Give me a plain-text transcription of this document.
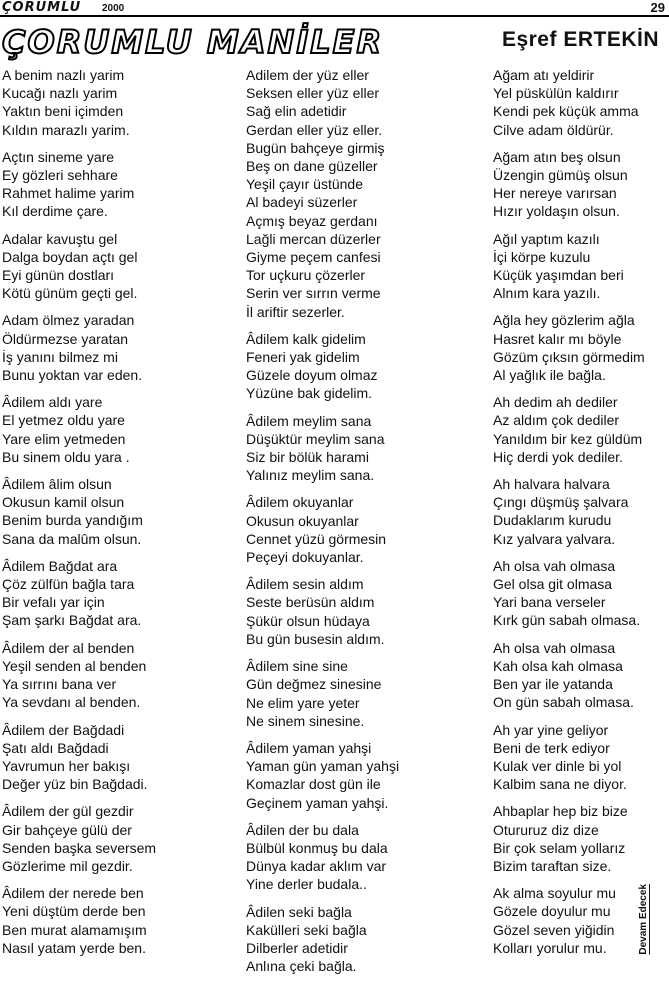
ÇORUMLU 2000	29
ÇORUMLU MANİLER	Eşref ERTEKİN
A benim nazlı yarim
Kucağı nazlı yarim
Yaktın beni içimden
Kıldın marazlı yarim.
Açtın sineme yare
Ey gözleri sehhare
Rahmet halime yarim
Kıl derdime çare.
Adalar kavuştu gel
Dalga boydan açtı gel
Eyi günün dostları
Kötü günüm geçti gel.
Adam ölmez yaradan
Öldürmezse yaratan
İş yanını bilmez mi
Bunu yoktan var eden.
Âdilem aldı yare
El yetmez oldu yare
Yare elim yetmeden
Bu sinem oldu yara .
Âdilem âlim olsun
Okusun kamil olsun
Benim burda yandığım
Sana da malûm olsun.
Âdilem Bağdat ara
Çöz zülfün bağla tara
Bir vefalı yar için
Şam şarkı Bağdat ara.
Âdilem der al benden
Yeşil senden al benden
Ya sırrını bana ver
Ya sevdanı al benden.
Âdilem der Bağdadi
Şatı aldı Bağdadi
Yavrumun her bakışı
Değer yüz bin Bağdadi.
Âdilem der gül gezdir
Gir bahçeye gülü der
Senden başka seversem
Gözlerime mil gezdir.
Âdilem der nerede ben
Yeni düştüm derde ben
Ben murat alamamışım
Nasıl yatam yerde ben.
Adilem der yüz eller
Seksen eller yüz eller
Sağ elin adetidir
Gerdan eller yüz eller.
Bugün bahçeye girmiş
Beş on dane güzeller
Yeşil çayır üstünde
Al badeyi süzerler
Açmış beyaz gerdanı
Lağli mercan düzerler
Giyme peçem canfesi
Tor uçkuru çözerler
Serin ver sırrın verme
İl ariftir sezerler.
Âdilem kalk gidelim
Feneri yak gidelim
Güzele doyum olmaz
Yüzüne bak gidelim.
Âdilem meylim sana
Düşüktür meylim sana
Siz bir bölük harami
Yalınız meylim sana.
Âdilem okuyanlar
Okusun okuyanlar
Cennet yüzü görmesin
Peçeyi dokuyanlar.
Âdilem sesin aldım
Seste berüsün aldım
Şükür olsun hüdaya
Bu gün busesin aldım.
Âdilem sine sine
Gün değmez sinesine
Ne elim yare yeter
Ne sinem sinesine.
Âdilem yaman yahşi
Yaman gün yaman yahşi
Komazlar dost gün ile
Geçinem yaman yahşi.
Âdilen der bu dala
Bülbül konmuş bu dala
Dünya kadar aklım var
Yine derler budala..
Âdilen seki bağla
Kakülleri seki bağla
Dilberler adetidir
Anlına çeki bağla.
Ağam atı yeldirir
Yel püskülün kaldırır
Kendi pek küçük amma
Cilve adam öldürür.
Ağam atın beş olsun
Üzengin gümüş olsun
Her nereye varırsan
Hızır yoldaşın olsun.
Ağıl yaptım kazılı
İçi körpe kuzulu
Küçük yaşımdan beri
Alnım kara yazılı.
Ağla hey gözlerim ağla
Hasret kalır mı böyle
Gözüm çıksın görmedim
Al yağlık ile bağla.
Ah dedim ah dediler
Az aldım çok dediler
Yanıldım bir kez güldüm
Hiç derdi yok dediler.
Ah halvara halvara
Çıngı düşmüş şalvara
Dudaklarım kurudu
Kız yalvara yalvara.
Ah olsa vah olmasa
Gel olsa git olmasa
Yari bana verseler
Kırk gün sabah olmasa.
Ah olsa vah olmasa
Kah olsa kah olmasa
Ben yar ile yatanda
On gün sabah olmasa.
Ah yar yine geliyor
Beni de terk ediyor
Kulak ver dinle bi yol
Kalbim sana ne diyor.
Ahbaplar hep biz bize
Otururuz diz dize
Bir çok selam yollarız
Bizim taraftan size.
Ak alma soyulur mu
Gözele doyulur mu
Gözel seven yiğidin
Kolları yorulur mu.	Devam Edecek
